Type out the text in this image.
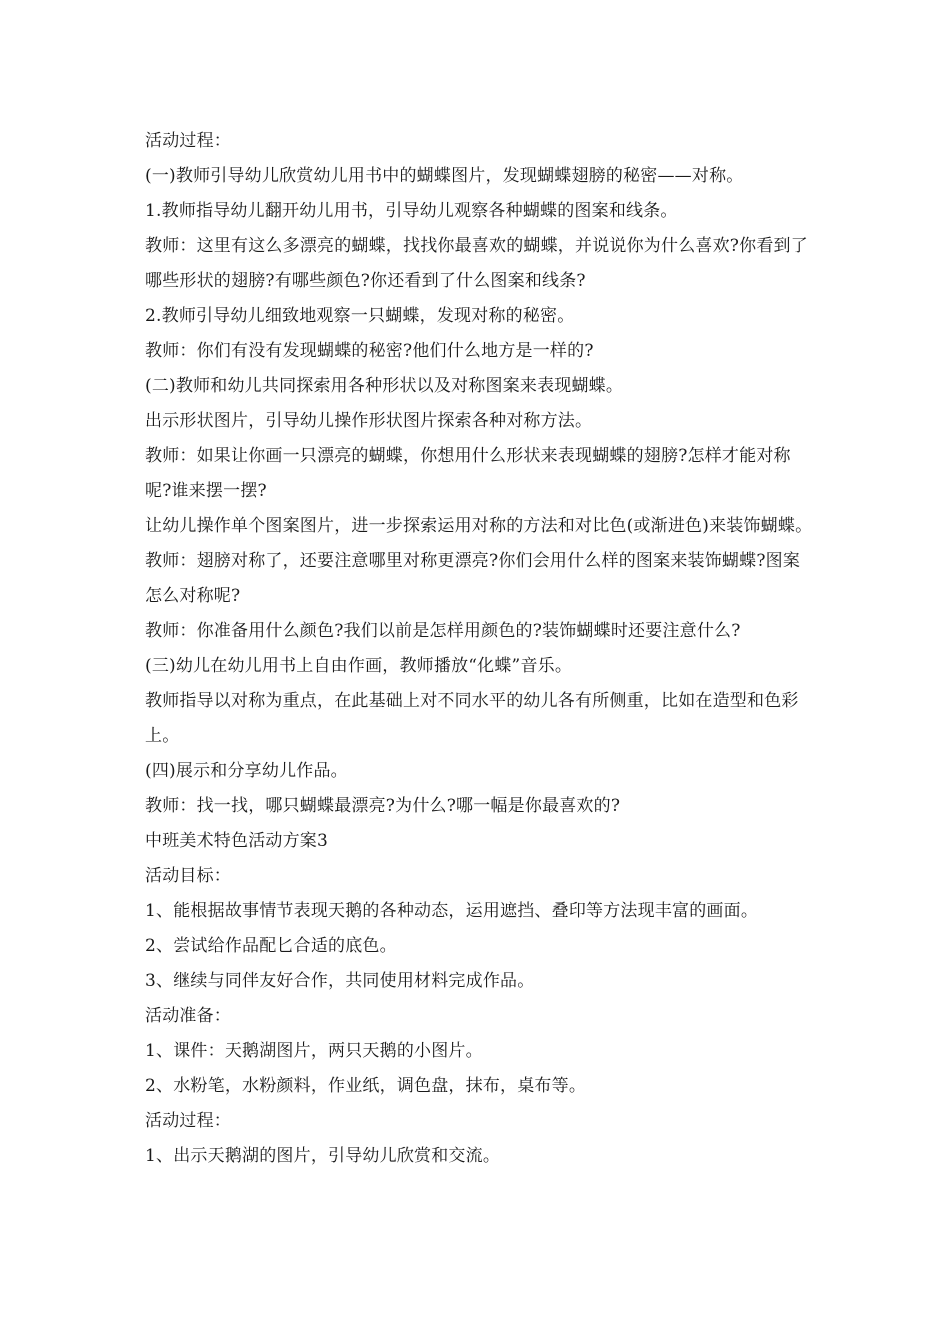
活动过程：

(一)教师引导幼儿欣赏幼儿用书中的蝴蝶图片，发现蝴蝶翅膀的秘密——对称。

1.教师指导幼儿翻开幼儿用书，引导幼儿观察各种蝴蝶的图案和线条。

教师：这里有这么多漂亮的蝴蝶，找找你最喜欢的蝴蝶，并说说你为什么喜欢?你看到了哪些形状的翅膀?有哪些颜色?你还看到了什么图案和线条?

2.教师引导幼儿细致地观察一只蝴蝶，发现对称的秘密。

教师：你们有没有发现蝴蝶的秘密?他们什么地方是一样的?

(二)教师和幼儿共同探索用各种形状以及对称图案来表现蝴蝶。

出示形状图片，引导幼儿操作形状图片探索各种对称方法。

教师：如果让你画一只漂亮的蝴蝶，你想用什么形状来表现蝴蝶的翅膀?怎样才能对称呢?谁来摆一摆?

让幼儿操作单个图案图片，进一步探索运用对称的方法和对比色(或渐进色)来装饰蝴蝶。

教师：翅膀对称了，还要注意哪里对称更漂亮?你们会用什么样的图案来装饰蝴蝶?图案怎么对称呢?

教师：你准备用什么颜色?我们以前是怎样用颜色的?装饰蝴蝶时还要注意什么?

(三)幼儿在幼儿用书上自由作画，教师播放“化蝶”音乐。

教师指导以对称为重点，在此基础上对不同水平的幼儿各有所侧重，比如在造型和色彩上。

(四)展示和分享幼儿作品。

教师：找一找，哪只蝴蝶最漂亮?为什么?哪一幅是你最喜欢的?

中班美术特色活动方案3

活动目标：

1、能根据故事情节表现天鹅的各种动态，运用遮挡、叠印等方法现丰富的画面。

2、尝试给作品配匕合适的底色。

3、继续与同伴友好合作，共同使用材料完成作品。

活动准备：

1、课件：天鹅湖图片，两只天鹅的小图片。

2、水粉笔，水粉颜料，作业纸，调色盘，抹布，桌布等。

活动过程：

1、出示天鹅湖的图片，引导幼儿欣赏和交流。
